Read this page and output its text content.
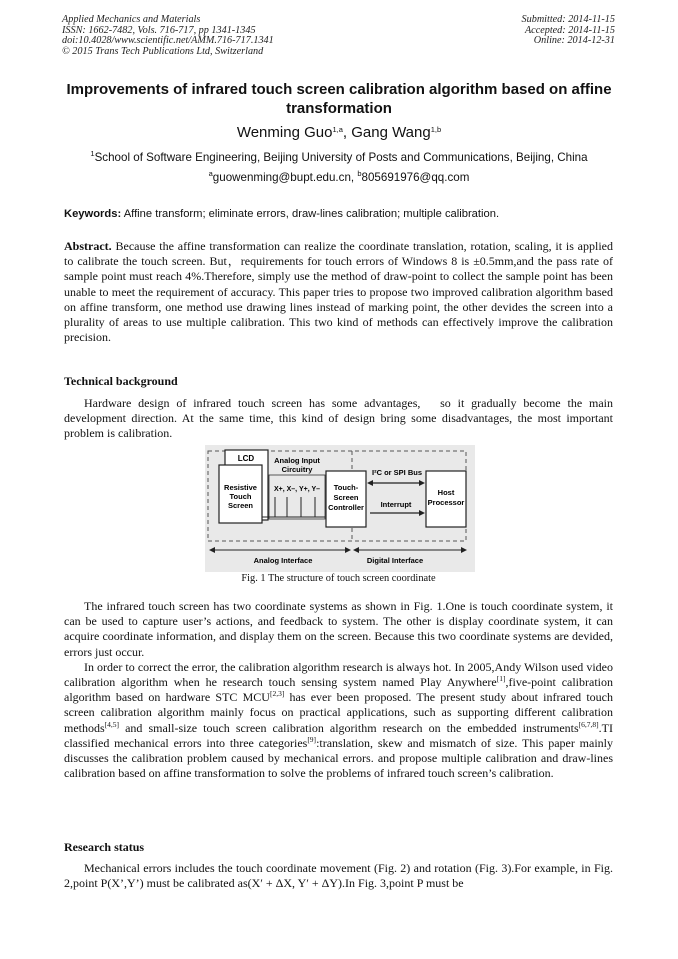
Applied Mechanics and Materials
ISSN: 1662-7482, Vols. 716-717, pp 1341-1345
doi:10.4028/www.scientific.net/AMM.716-717.1341
© 2015 Trans Tech Publications Ltd, Switzerland
Submitted: 2014-11-15
Accepted: 2014-11-15
Online: 2014-12-31
Improvements of infrared touch screen calibration algorithm based on affine transformation
Wenming Guo$^{1,a}$, Gang Wang$^{1,b}$
$^1$School of Software Engineering, Beijing University of Posts and Communications, Beijing, China
$^a$guowenming@bupt.edu.cn, $^b$805691976@qq.com
Keywords: Affine transform; eliminate errors, draw-lines calibration; multiple calibration.

Abstract. Because the affine transformation can realize the coordinate translation, rotation, scaling, it is applied to calibrate the touch screen. But，requirements for touch errors of Windows 8 is ±0.5mm,and the pass rate of sample point must reach 4%.Therefore, simply use the method of draw-point to collect the sample point has been unable to meet the requirement of accuracy. This paper tries to propose two improved calibration algorithm based on affine transform, one method use drawing lines instead of marking point, the other devides the screen into a plurality of areas to use multiple calibration. This two kind of methods can effectively improve the calibration precision.

Technical background

Hardware design of infrared touch screen has some advantages,　so it gradually become the main development direction. At the same time, this kind of design bring some disadvantages, the most important problem is calibration.

LCD
Resistive
Touch
Screen
Analog Input
Circuitry
X+, X–, Y+, Y– Touch-
Screen
Controller
I²C or SPI Bus
Interrupt
Host
Processor
Analog Interface	Digital Interface
Fig. 1 The structure of touch screen coordinate

The infrared touch screen has two coordinate systems as shown in Fig. 1.One is touch coordinate system, it can be used to capture user’s actions, and feedback to system. The other is display coordinate system, it can acquire coordinate information, and display them on the screen. Because this two coordinate systems are devided, errors just occur.

In order to correct the error, the calibration algorithm research is always hot. In 2005,Andy Wilson used video calibration algorithm when he research touch sensing system named Play Anywhere[1],five-point calibration algorithm based on hardware STC MCU[2,3] has ever been proposed. The present study about infrared touch screen calibration algorithm mainly focus on practical applications, such as supporting different calibration methods[4,5] and small-size touch screen calibration algorithm research on the embedded instruments[6,7,8].TI classified mechanical errors into three categories[9]:translation, skew and mismatch of size. This paper mainly discusses the calibration problem caused by mechanical errors. and propose multiple calibration and draw-lines calibration based on affine transformation to solve the problems of infrared touch screen’s calibration.

Research status

Mechanical errors includes the touch coordinate movement (Fig. 2) and rotation (Fig. 3).For example, in Fig. 2,point P(X’,Y’) must be calibrated as(X′ + ΔX, Y′ + ΔY).In Fig. 3,point P must be
